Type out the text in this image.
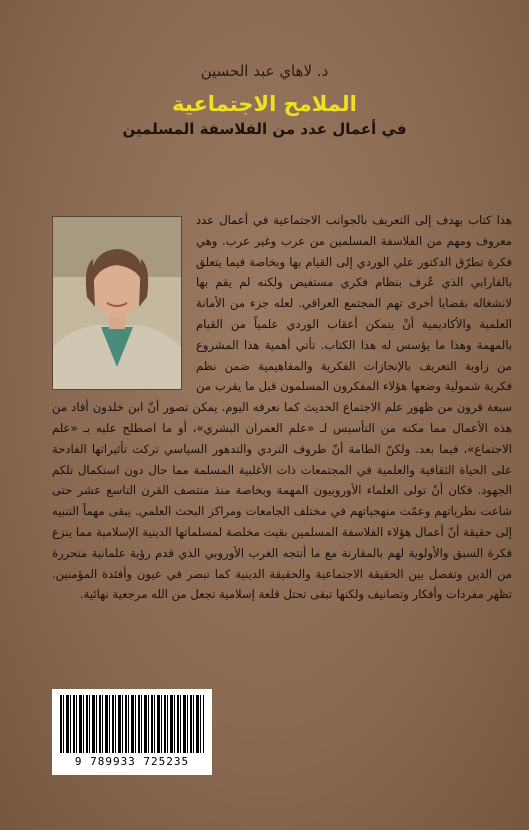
د. لاهاي عبد الحسين
الملامح الاجتماعية
في أعمال عدد من الفلاسفة المسلمين
هذا كتاب يهدف إلى التعريف بالجوانب الاجتماعية في أعمال عدد معروف ومهم من الفلاسفة المسلمين من عرب وغير عرب. وهي فكرة تطرّق الدكتور علي الوردي إلى القيام بها وبخاصة فيما يتعلق بالفارابي الذي عُرف بنظام فكري مستفيض ولكنه لم يقم بها لانشغاله بقضايا أخرى تهم المجتمع العراقي. لعله جزء من الأمانة العلمية والأكاديمية أنْ يتمكن أعقاب الوردي علمياً من القيام بالمهمة وهذا ما يؤسس له هذا الكتاب. تأتي أهمية هذا المشروع من زاوية التعريف بالإنجازات الفكرية والمفاهيمية ضمن نظم فكرية شمولية وضعها هؤلاء المفكرون المسلمون قبل ما يقرب من سبعة قرون من ظهور علم الاجتماع الحديث كما نعرفه اليوم. يمكن تصور أنّ ابن خلدون أفاد من هذه الأعمال مما مكنه من التأسيس لـ «علم العمران البشري»، أو ما اصطلح عليه بـ «علم الاجتماع»، فيما بعد. ولكنّ الطامة أنّ ظروف التردي والتدهور السياسي تركت تأثيراتها الفادحة على الحياة الثقافية والعلمية في المجتمعات ذات الأغلبية المسلمة مما حال دون استكمال تلكم الجهود. فكان أنْ تولى العلماء الأوروبيون المهمة وبخاصة منذ منتصف القرن التاسع عشر حتى شاعت نظرياتهم وعمّت منهجياتهم في مختلف الجامعات ومراكز البحث العلمي. يبقى مهماً التنبيه إلى حقيقة أنّ أعمال هؤلاء الفلاسفة المسلمين بقيت مخلصة لمسلماتها الدينية الإسلامية مما ينزع فكرة السبق والأولوية لهم بالمقارنة مع ما أنتجه الغرب الأوروبي الذي قدم رؤية علمانية متحررة من الدين وتفصل بين الحقيقة الاجتماعية والحقيقة الدينية كما تبصر في عيون وأفئدة المؤمنين. تظهر مفردات وأفكار وتصانيف ولكنها تبقى تحتل قلعة إسلامية تجعل من الله مرجعية نهائية.
9 789933 725235
